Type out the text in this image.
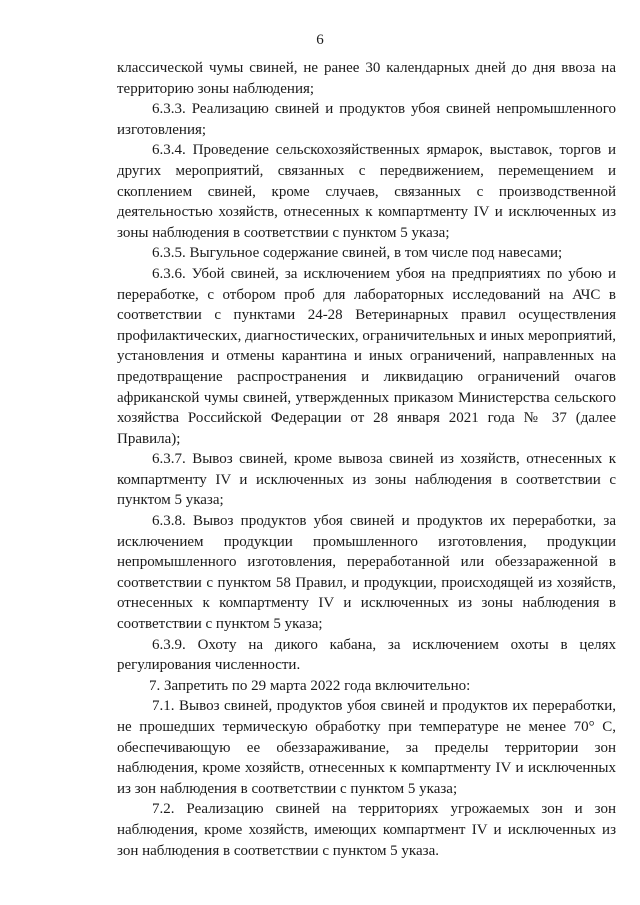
6

классической чумы свиней, не ранее 30 календарных дней до дня ввоза на территорию зоны наблюдения;

6.3.3. Реализацию свиней и продуктов убоя свиней непромышленного изготовления;

6.3.4. Проведение сельскохозяйственных ярмарок, выставок, торгов и других мероприятий, связанных с передвижением, перемещением и скоплением свиней, кроме случаев, связанных с производственной деятельностью хозяйств, отнесенных к компартменту IV и исключенных из зоны наблюдения в соответствии с пунктом 5 указа;

6.3.5. Выгульное содержание свиней, в том числе под навесами;

6.3.6. Убой свиней, за исключением убоя на предприятиях по убою и переработке, с отбором проб для лабораторных исследований на АЧС в соответствии с пунктами 24-28 Ветеринарных правил осуществления профилактических, диагностических, ограничительных и иных мероприятий, установления и отмены карантина и иных ограничений, направленных на предотвращение распространения и ликвидацию ограничений очагов африканской чумы свиней, утвержденных приказом Министерства сельского хозяйства Российской Федерации от 28 января 2021 года № 37 (далее Правила);

6.3.7. Вывоз свиней, кроме вывоза свиней из хозяйств, отнесенных к компартменту IV и исключенных из зоны наблюдения в соответствии с пунктом 5 указа;

6.3.8. Вывоз продуктов убоя свиней и продуктов их переработки, за исключением продукции промышленного изготовления, продукции непромышленного изготовления, переработанной или обеззараженной в соответствии с пунктом 58 Правил, и продукции, происходящей из хозяйств, отнесенных к компартменту IV и исключенных из зоны наблюдения в соответствии с пунктом 5 указа;

6.3.9. Охоту на дикого кабана, за исключением охоты в целях регулирования численности.

7. Запретить по 29 марта 2022 года включительно:

7.1. Вывоз свиней, продуктов убоя свиней и продуктов их переработки, не прошедших термическую обработку при температуре не менее 70° С, обеспечивающую ее обеззараживание, за пределы территории зон наблюдения, кроме хозяйств, отнесенных к компартменту IV и исключенных из зон наблюдения в соответствии с пунктом 5 указа;

7.2. Реализацию свиней на территориях угрожаемых зон и зон наблюдения, кроме хозяйств, имеющих компартмент IV и исключенных из зон наблюдения в соответствии с пунктом 5 указа.
